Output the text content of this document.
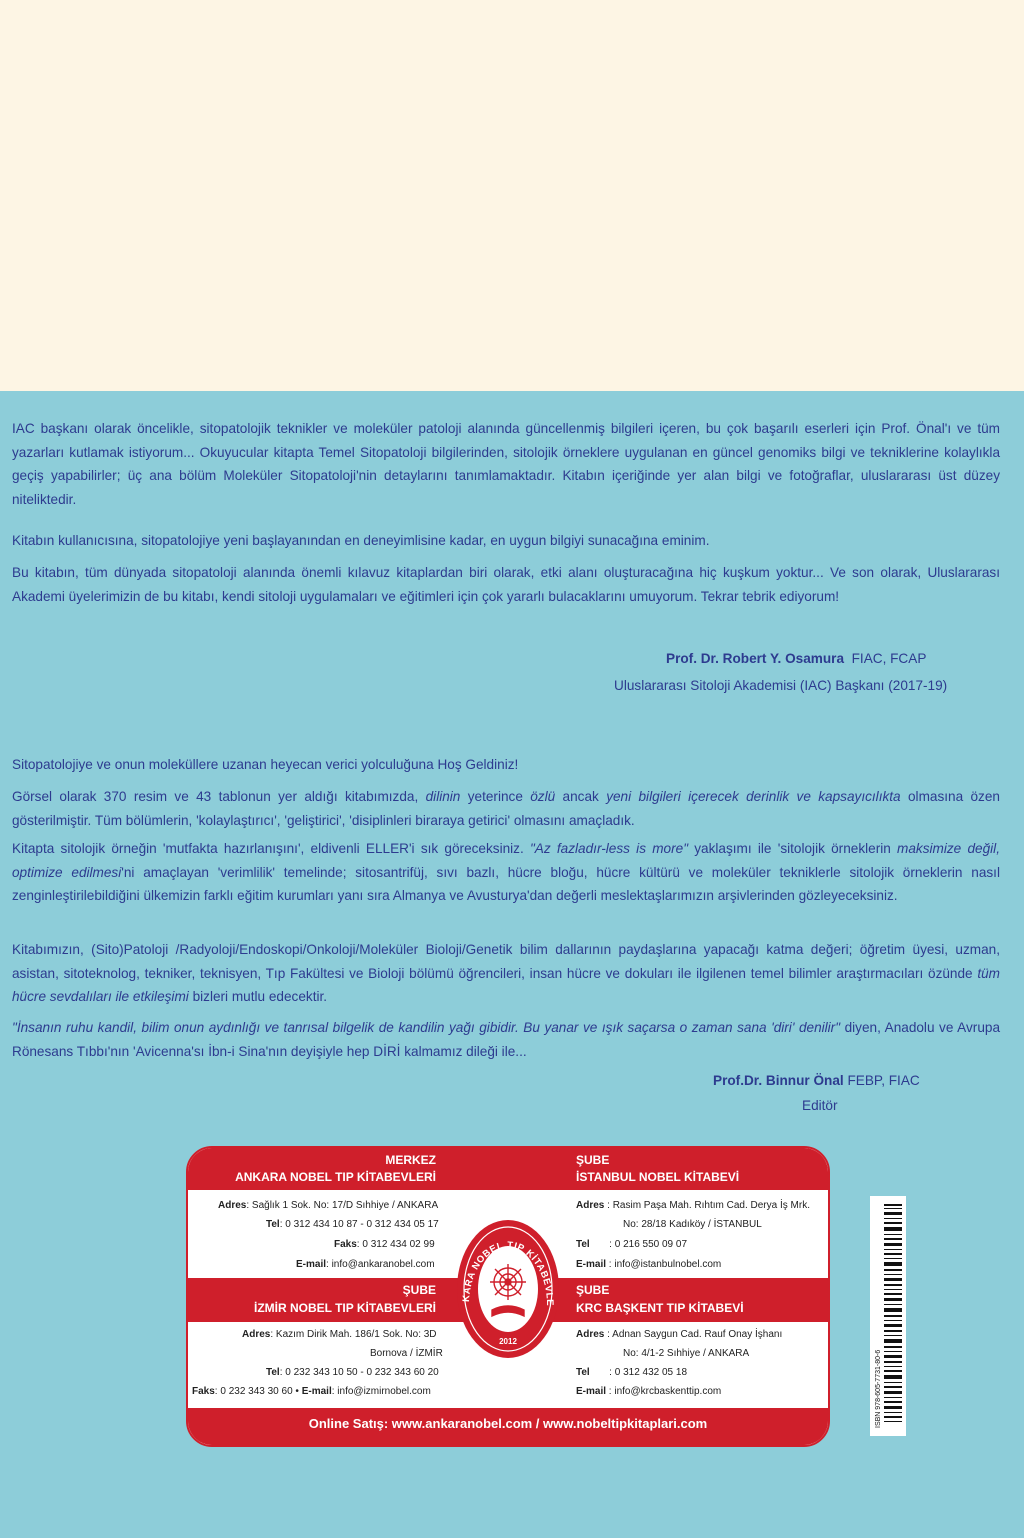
IAC başkanı olarak öncelikle, sitopatolojik teknikler ve moleküler patoloji alanında güncellenmiş bilgileri içeren, bu çok başarılı eserleri için Prof. Önal'ı ve tüm yazarları kutlamak istiyorum... Okuyucular kitapta Temel Sitopatoloji bilgilerinden, sitolojik örneklere uygulanan en güncel genomiks bilgi ve tekniklerine kolaylıkla geçiş yapabilirler; üç ana bölüm Moleküler Sitopatoloji'nin detaylarını tanımlamaktadır. Kitabın içeriğinde yer alan bilgi ve fotoğraflar, uluslararası üst düzey niteliktedir.

Kitabın kullanıcısına, sitopatolojiye yeni başlayanından en deneyimlisine kadar, en uygun bilgiyi sunacağına eminim.

Bu kitabın, tüm dünyada sitopatoloji alanında önemli kılavuz kitaplardan biri olarak, etki alanı oluşturacağına hiç kuşkum yoktur... Ve son olarak, Uluslararası Akademi üyelerimizin de bu kitabı, kendi sitoloji uygulamaları ve eğitimleri için çok yararlı bulacaklarını umuyorum. Tekrar tebrik ediyorum!

Prof. Dr. Robert Y. Osamura FIAC, FCAP

Uluslararası Sitoloji Akademisi (IAC) Başkanı (2017-19)

Sitopatolojiye ve onun moleküllere uzanan heyecan verici yolculuğuna Hoş Geldiniz!

Görsel olarak 370 resim ve 43 tablonun yer aldığı kitabımızda, dilinin yeterince özlü ancak yeni bilgileri içerecek derinlik ve kapsayıcılıkta olmasına özen gösterilmiştir. Tüm bölümlerin, 'kolaylaştırıcı', 'geliştirici', 'disiplinleri biraraya getirici' olmasını amaçladık.

Kitapta sitolojik örneğin 'mutfakta hazırlanışını', eldivenli ELLER'i sık göreceksiniz. "Az fazladır-less is more" yaklaşımı ile 'sitolojik örneklerin maksimize değil, optimize edilmesi'ni amaçlayan 'verimlilik' temelinde; sitosantrifüj, sıvı bazlı, hücre bloğu, hücre kültürü ve moleküler tekniklerle sitolojik örneklerin nasıl zenginleştirilebildiğini ülkemizin farklı eğitim kurumları yanı sıra Almanya ve Avusturya'dan değerli meslektaşlarımızın arşivlerinden gözleyeceksiniz.

Kitabımızın, (Sito)Patoloji /Radyoloji/Endoskopi/Onkoloji/Moleküler Bioloji/Genetik bilim dallarının paydaşlarına yapacağı katma değeri; öğretim üyesi, uzman, asistan, sitoteknolog, tekniker, teknisyen, Tıp Fakültesi ve Bioloji bölümü öğrencileri, insan hücre ve dokuları ile ilgilenen temel bilimler araştırmacıları özünde tüm hücre sevdalıları ile etkileşimi bizleri mutlu edecektir.

"İnsanın ruhu kandil, bilim onun aydınlığı ve tanrısal bilgelik de kandilin yağı gibidir. Bu yanar ve ışık saçarsa o zaman sana 'diri' denilir" diyen, Anadolu ve Avrupa Rönesans Tıbbı'nın 'Avicenna'sı İbn-i Sina'nın deyişiyle hep DİRİ kalmamız dileği ile...

Prof.Dr. Binnur Önal FEBP, FIAC

Editör

MERKEZ
ANKARA NOBEL TIP KİTABEVLERİ
ŞUBE
İSTANBUL NOBEL KİTABEVİ
Adres: Sağlık 1 Sok. No: 17/D Sıhhiye / ANKARA
Tel: 0 312 434 10 87 - 0 312 434 05 17
Faks: 0 312 434 02 99
E-mail: info@ankaranobel.com
Adres : Rasim Paşa Mah. Rıhtım Cad. Derya İş Mrk.
No: 28/18 Kadıköy / İSTANBUL
Tel : 0 216 550 09 07
E-mail : info@istanbulnobel.com
ŞUBE
İZMİR NOBEL TIP KİTABEVLERİ
ŞUBE
KRC BAŞKENT TIP KİTABEVİ
Adres: Kazım Dirik Mah. 186/1 Sok. No: 3D
Bornova / İZMİR
Tel: 0 232 343 10 50 - 0 232 343 60 20
Faks: 0 232 343 30 60 • E-mail: info@izmirnobel.com
Adres : Adnan Saygun Cad. Rauf Onay İşhanı
No: 4/1-2 Sıhhiye / ANKARA
Tel : 0 312 432 05 18
E-mail : info@krcbaskenttip.com
Online Satış: www.ankaranobel.com / www.nobeltipkitaplari.com
KARA NOBEL TIP KİTABEVLE
2012
ISBN 978-605-7731-80-6
